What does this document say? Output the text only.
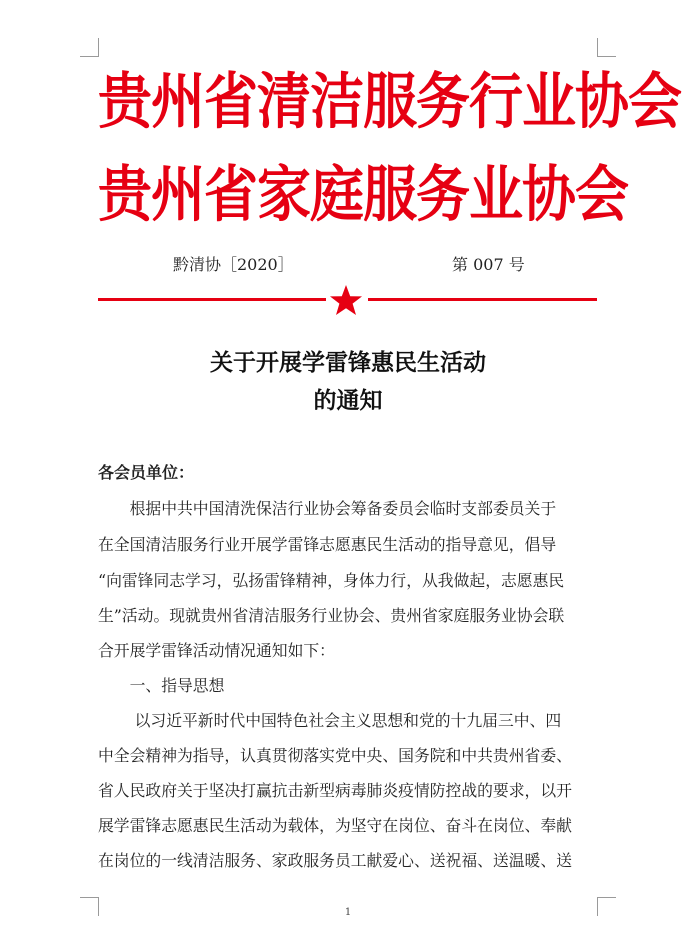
贵州省清洁服务行业协会
贵州省家庭服务业协会
黔清协［2020］	第 007 号
关于开展学雷锋惠民生活动
的通知
各会员单位：
　　根据中共中国清洗保洁行业协会筹备委员会临时支部委员关于
在全国清洁服务行业开展学雷锋志愿惠民生活动的指导意见，倡导
“向雷锋同志学习，弘扬雷锋精神，身体力行，从我做起，志愿惠民
生”活动。现就贵州省清洁服务行业协会、贵州省家庭服务业协会联
合开展学雷锋活动情况通知如下：
　　一、指导思想
　　 以习近平新时代中国特色社会主义思想和党的十九届三中、四
中全会精神为指导，认真贯彻落实党中央、国务院和中共贵州省委、
省人民政府关于坚决打赢抗击新型病毒肺炎疫情防控战的要求，以开
展学雷锋志愿惠民生活动为载体，为坚守在岗位、奋斗在岗位、奉献
在岗位的一线清洁服务、家政服务员工献爱心、送祝福、送温暖、送
1
